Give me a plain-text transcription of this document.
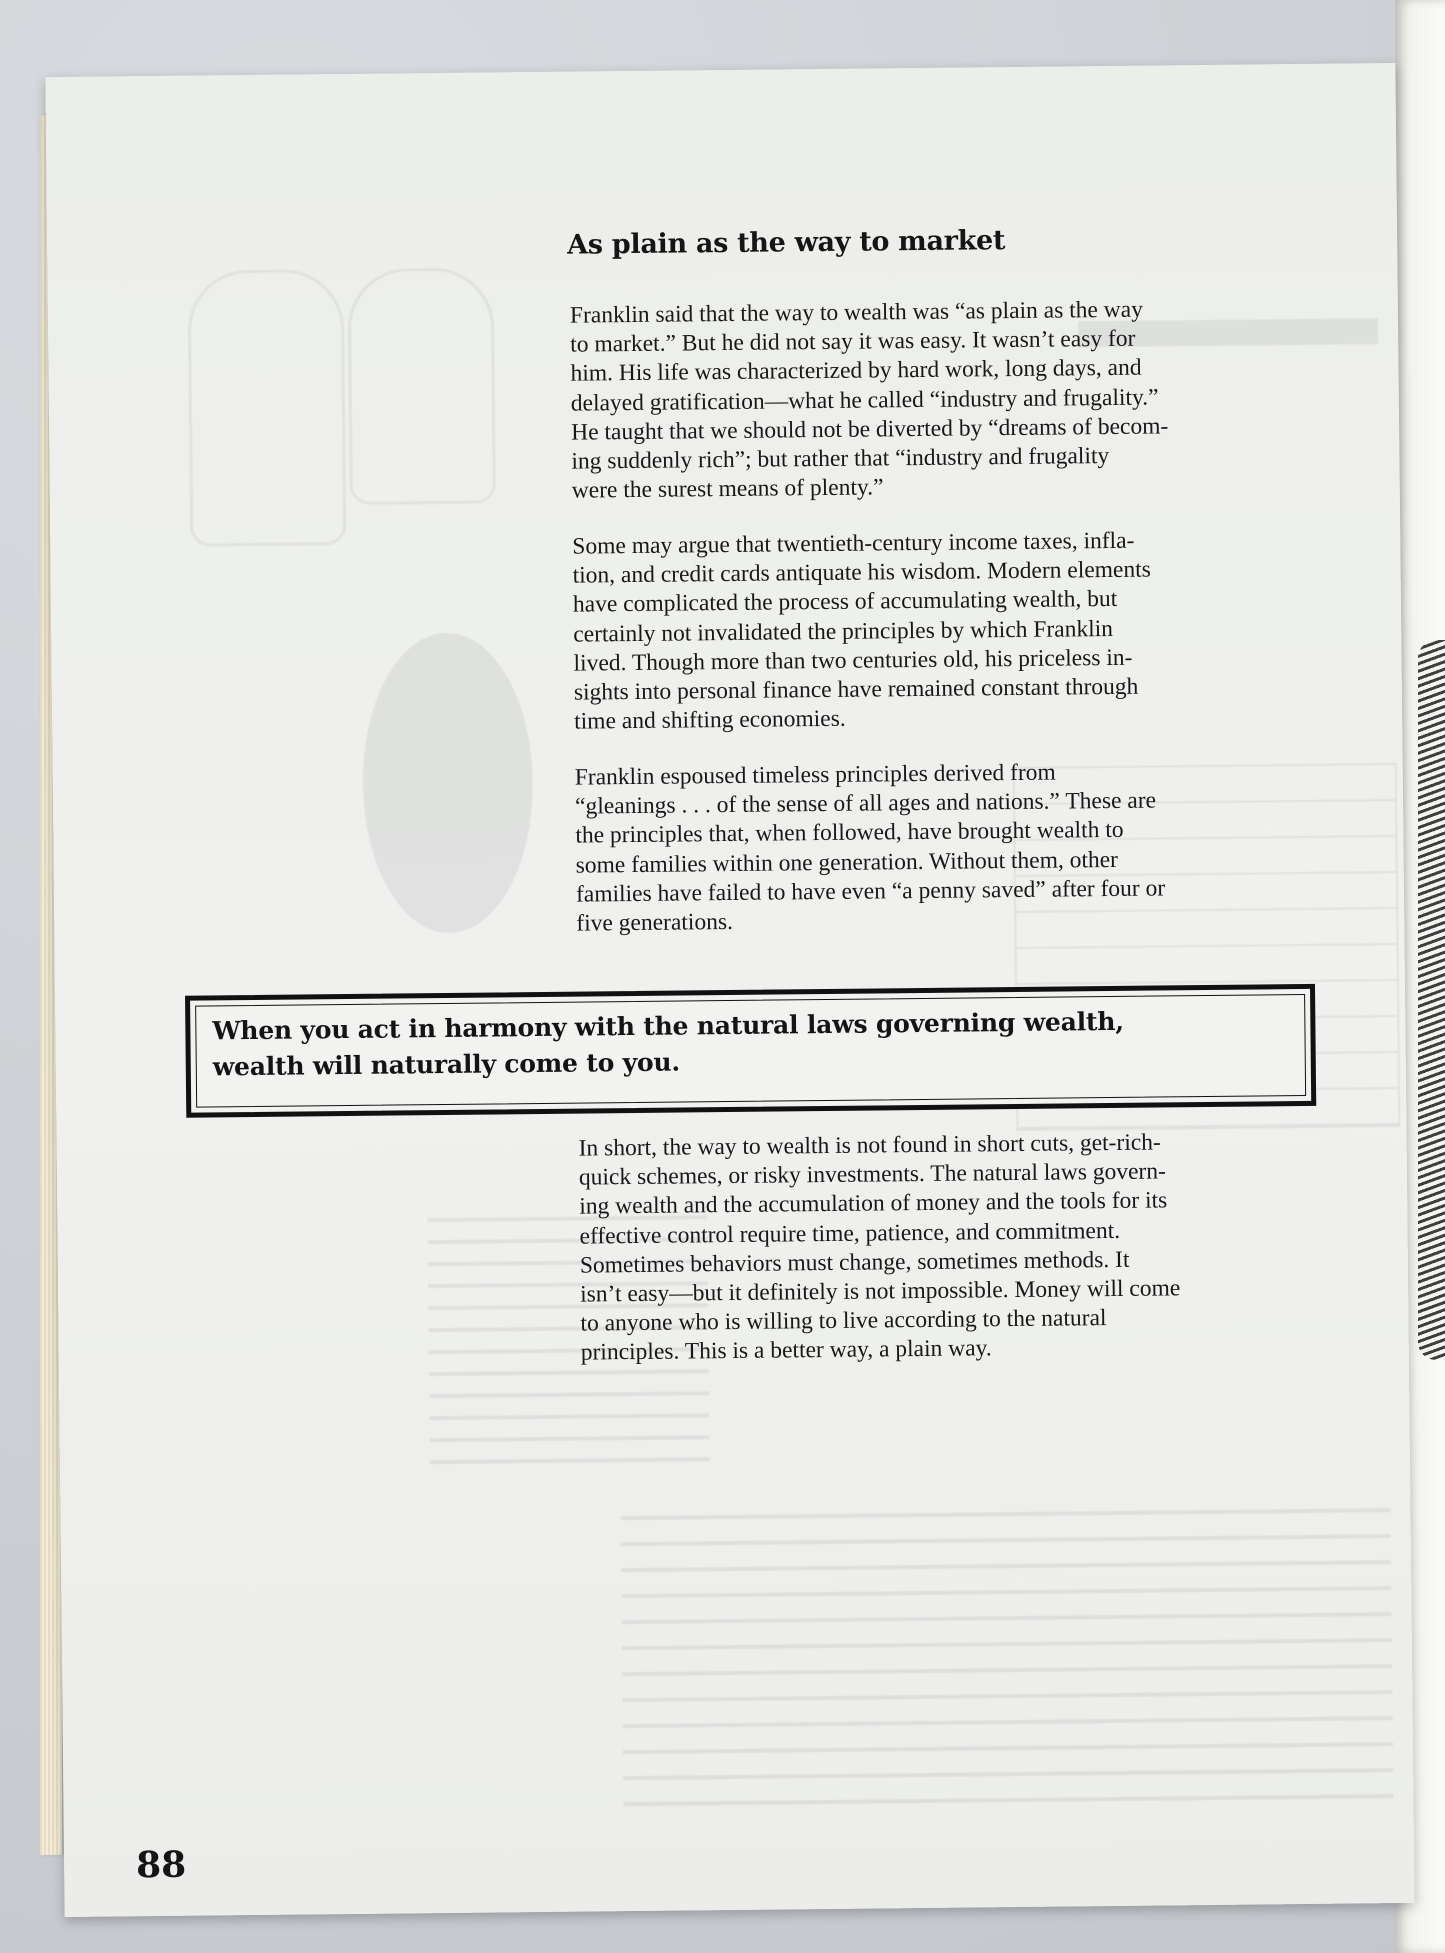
As plain as the way to market

Franklin said that the way to wealth was “as plain as the way
to market.” But he did not say it was easy. It wasn’t easy for
him. His life was characterized by hard work, long days, and
delayed gratification—what he called “industry and frugality.”
He taught that we should not be diverted by “dreams of becom-
ing suddenly rich”; but rather that “industry and frugality
were the surest means of plenty.”

Some may argue that twentieth-century income taxes, infla-
tion, and credit cards antiquate his wisdom. Modern elements
have complicated the process of accumulating wealth, but
certainly not invalidated the principles by which Franklin
lived. Though more than two centuries old, his priceless in-
sights into personal finance have remained constant through
time and shifting economies.

Franklin espoused timeless principles derived from
“gleanings . . . of the sense of all ages and nations.” These are
the principles that, when followed, have brought wealth to
some families within one generation. Without them, other
families have failed to have even “a penny saved” after four or
five generations.

When you act in harmony with the natural laws governing wealth,
wealth will naturally come to you.

In short, the way to wealth is not found in short cuts, get-rich-
quick schemes, or risky investments. The natural laws govern-
ing wealth and the accumulation of money and the tools for its
effective control require time, patience, and commitment.
Sometimes behaviors must change, sometimes methods. It
isn’t easy—but it definitely is not impossible. Money will come
to anyone who is willing to live according to the natural
principles. This is a better way, a plain way.

88
